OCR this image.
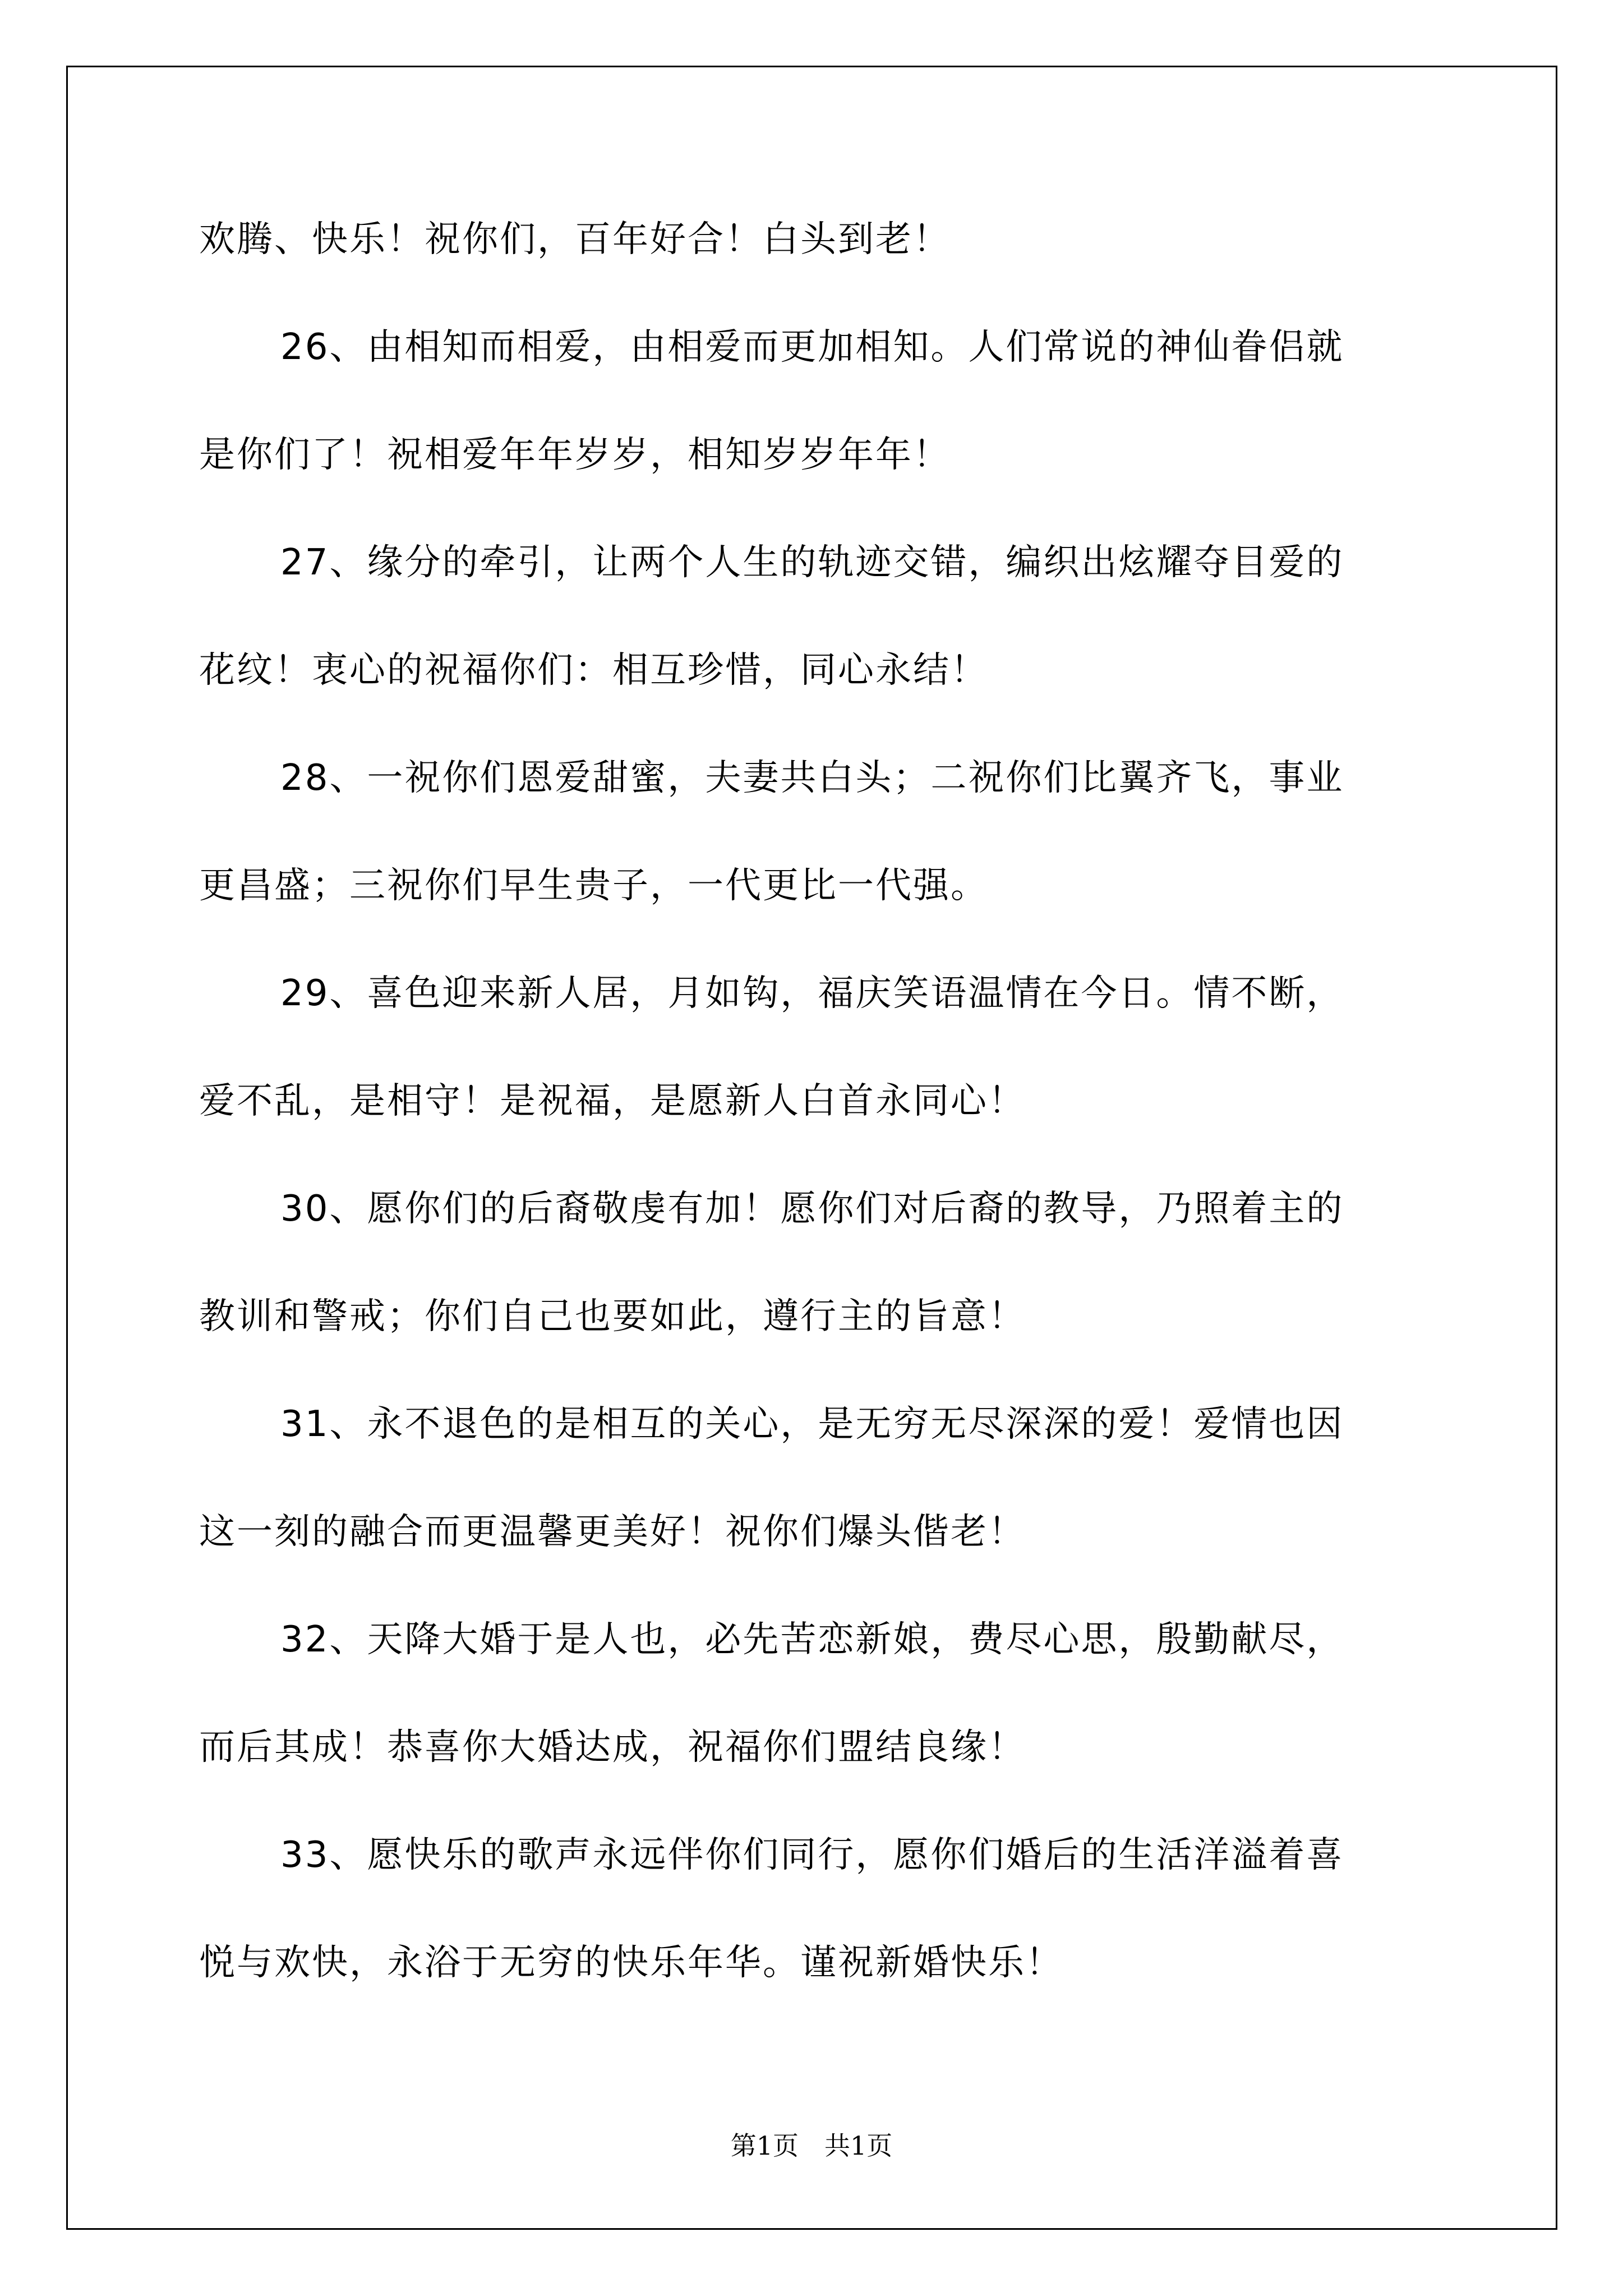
欢腾、快乐！祝你们，百年好合！白头到老！
26、由相知而相爱，由相爱而更加相知。人们常说的神仙眷侣就
是你们了！祝相爱年年岁岁，相知岁岁年年！
27、缘分的牵引，让两个人生的轨迹交错，编织出炫耀夺目爱的
花纹！衷心的祝福你们：相互珍惜，同心永结！
28、一祝你们恩爱甜蜜，夫妻共白头；二祝你们比翼齐飞，事业
更昌盛；三祝你们早生贵子，一代更比一代强。
29、喜色迎来新人居，月如钩，福庆笑语温情在今日。情不断，
爱不乱，是相守！是祝福，是愿新人白首永同心！
30、愿你们的后裔敬虔有加！愿你们对后裔的教导，乃照着主的
教训和警戒；你们自己也要如此，遵行主的旨意！
31、永不退色的是相互的关心，是无穷无尽深深的爱！爱情也因
这一刻的融合而更温馨更美好！祝你们爆头偕老！
32、天降大婚于是人也，必先苦恋新娘，费尽心思，殷勤献尽，
而后其成！恭喜你大婚达成，祝福你们盟结良缘！
33、愿快乐的歌声永远伴你们同行，愿你们婚后的生活洋溢着喜
悦与欢快，永浴于无穷的快乐年华。谨祝新婚快乐！
第1页 共1页
